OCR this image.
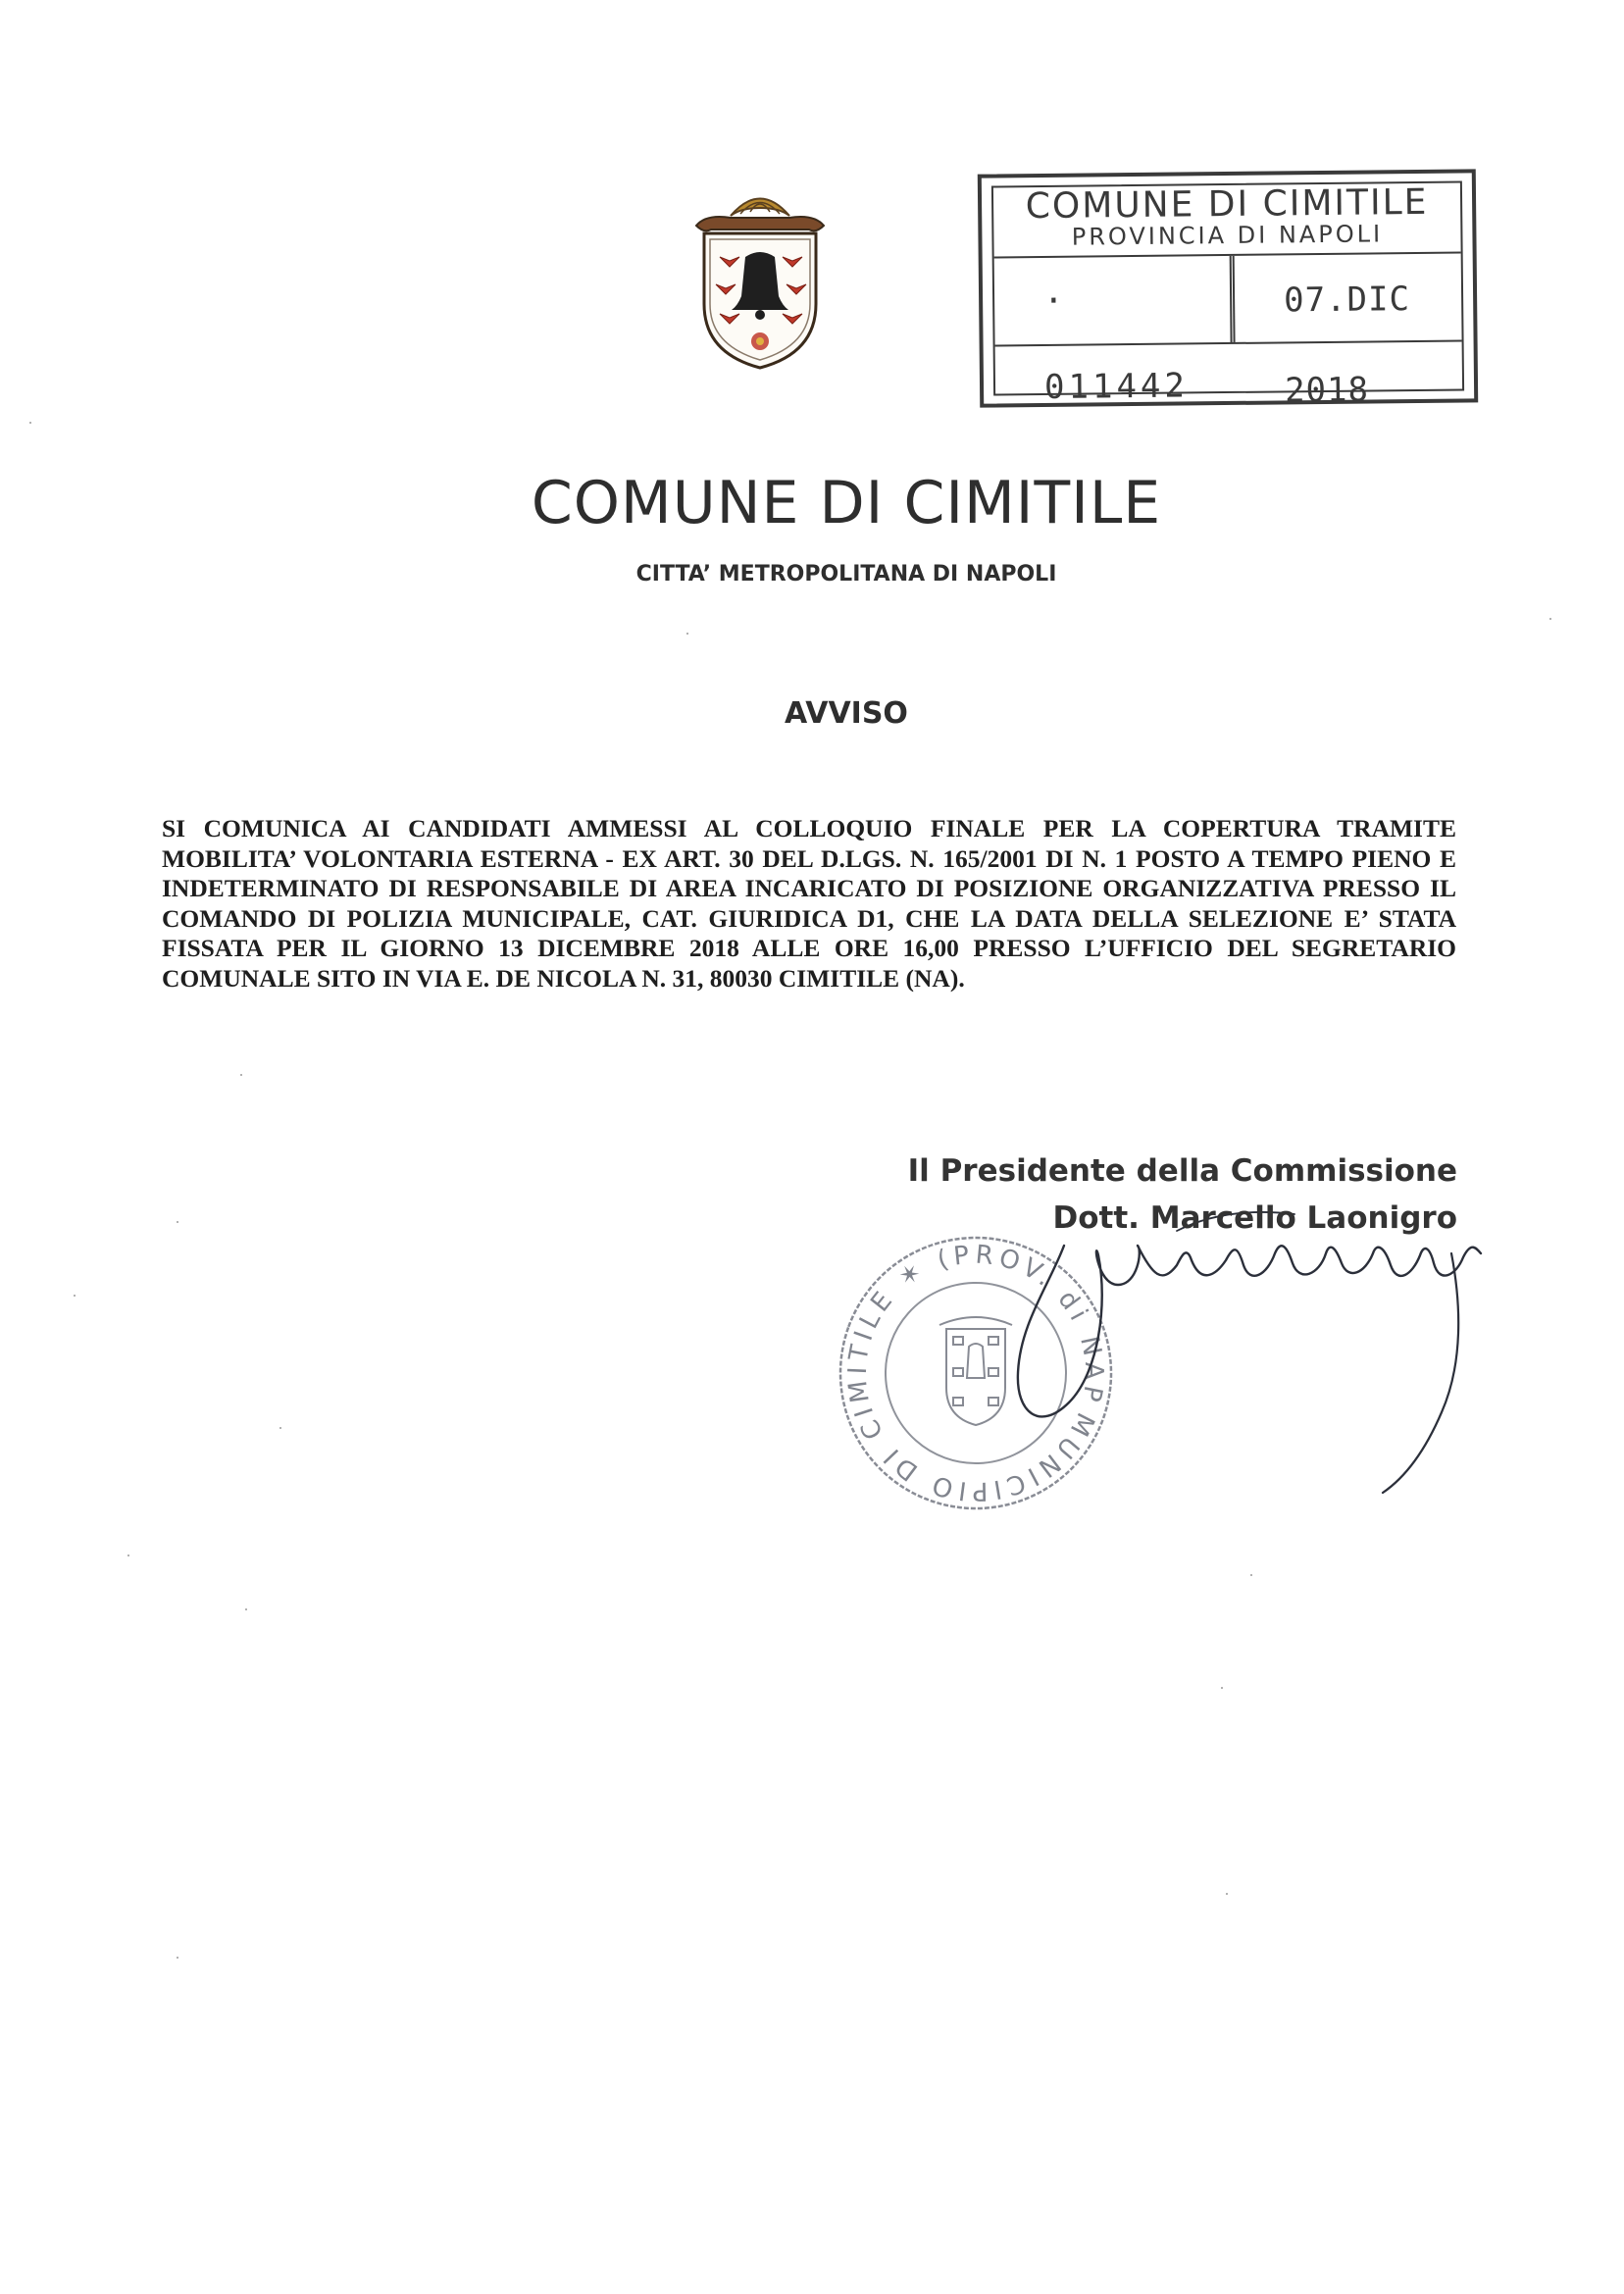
COMUNE DI CIMITILE
PROVINCIA DI NAPOLI
· 011442
07.DIC 2018
COMUNE DI CIMITILE
CITTA’ METROPOLITANA DI NAPOLI
AVVISO

SI COMUNICA AI CANDIDATI AMMESSI AL COLLOQUIO FINALE PER LA COPERTURA TRAMITE MOBILITA’ VOLONTARIA ESTERNA - EX ART. 30 DEL D.LGS. N. 165/2001 DI N. 1 POSTO A TEMPO PIENO E INDETERMINATO DI RESPONSABILE DI AREA INCARICATO DI POSIZIONE ORGANIZZATIVA PRESSO IL COMANDO DI POLIZIA MUNICIPALE, CAT. GIURIDICA D1, CHE LA DATA DELLA SELEZIONE E’ STATA FISSATA PER IL GIORNO 13 DICEMBRE 2018 ALLE ORE 16,00 PRESSO L’UFFICIO DEL SEGRETARIO COMUNALE SITO IN VIA E. DE NICOLA N. 31, 80030 CIMITILE (NA).

MUNICIPIO DI CIMITILE ✶ (PROV. di NAPOLI)
Il Presidente della Commissione
Dott. Marcello Laonigro
